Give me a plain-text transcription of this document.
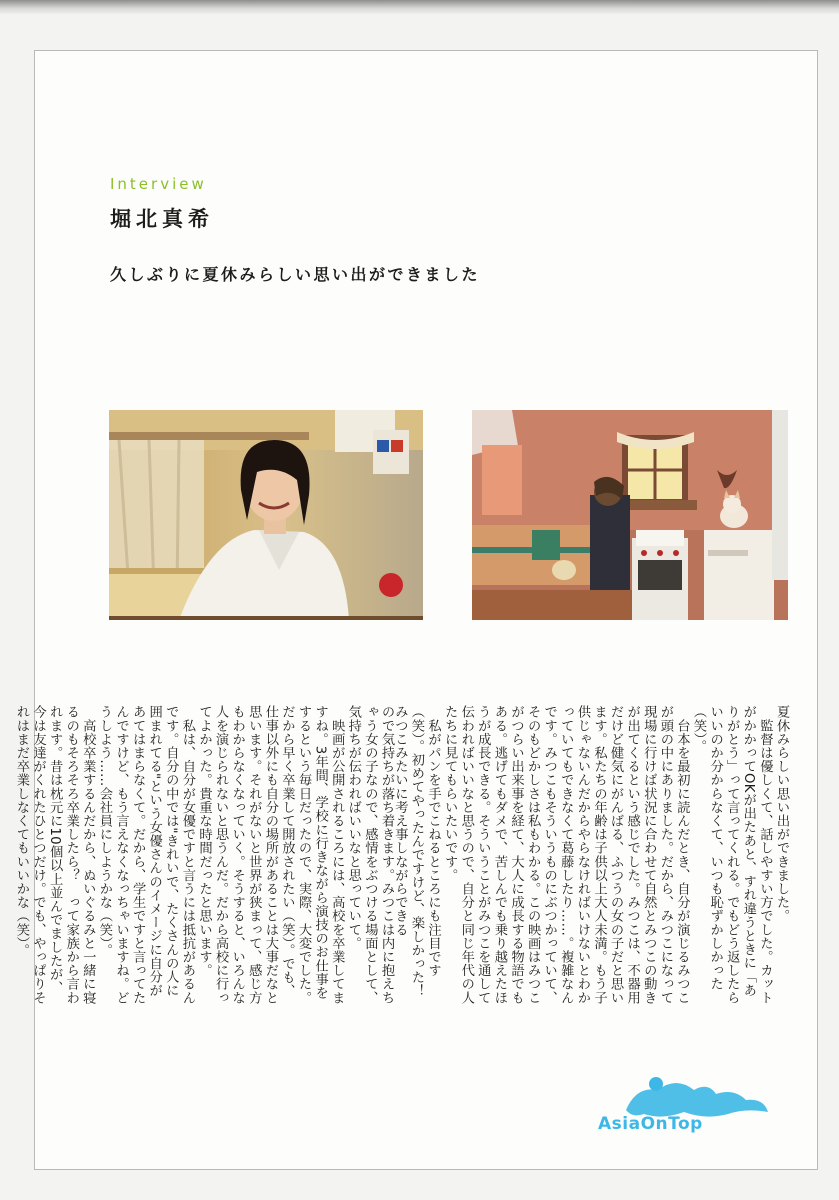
Interview
堀北真希
久しぶりに夏休みらしい思い出ができました
夏休みらしい思い出ができました。
　監督は優しくて、話しやすい方でした。カットがかかってOKが出たあと、すれ違うときに「ありがとう」って言ってくれる。でもどう返したらいいのか分からなくて、いつも恥ずかしかった（笑）。
　台本を最初に読んだとき、自分が演じるみつこが頭の中にありました。だから、みつこになって現場に行けば状況に合わせて自然とみつこの動きが出てくるという感じでした。みつこは、不器用だけど健気にがんばる、ふつうの女の子だと思います。私たちの年齢は子供以上大人未満。もう子供じゃないんだからやらなければいけないとわかっていてもできなくて葛藤したり……。複雑なんです。みつこもそういうものにぶつかっていて、そのもどかしさは私もわかる。この映画はみつこがつらい出来事を経て、大人に成長する物語でもある。逃げてもダメで、苦しんでも乗り越えたほうが成長できる。そういうことがみつこを通して伝わればいいなと思うので、自分と同じ年代の人たちに見てもらいたいです。
　私がパンを手でこねるところにも注目です（笑）。初めてやったんですけど、楽しかった！　みつこみたいに考え事しながらできる
ので気持ちが落ち着きます。みつこは内に抱えちゃう女の子なので、感情をぶつける場面として、気持ちが伝わればいいなと思っていて。
　映画が公開されるころには、高校を卒業してますね。3年間、学校に行きながら演技のお仕事をするという毎日だったので、実際、大変でした。だから早く卒業して開放されたい（笑）。でも、仕事以外にも自分の場所があることは大事だなと思います。それがないと世界が狭まって、感じ方もわからなくなっていく。そうすると、いろんな人を演じられないと思うんだ。だから高校に行ってよかった。貴重な時間だったと思います。
　私は、自分が女優ですと言うには抵抗があるんです。自分の中では"きれいで、たくさんの人に囲まれてる"という女優さんのイメージに自分があてはまらなくて。だから、学生ですと言ってたんですけど、もう言えなくなっちゃいますね。どうしよう……会社員にしようかな（笑）。
　高校卒業するんだから、ぬいぐるみと一緒に寝るのもそろそろ卒業したら？　って家族から言われます。昔は枕元に10個以上並んでましたが、今は友達がくれたひとつだけ。でも、やっぱりそれはまだ卒業しなくてもいいかな（笑）。
AsiaOnTop
